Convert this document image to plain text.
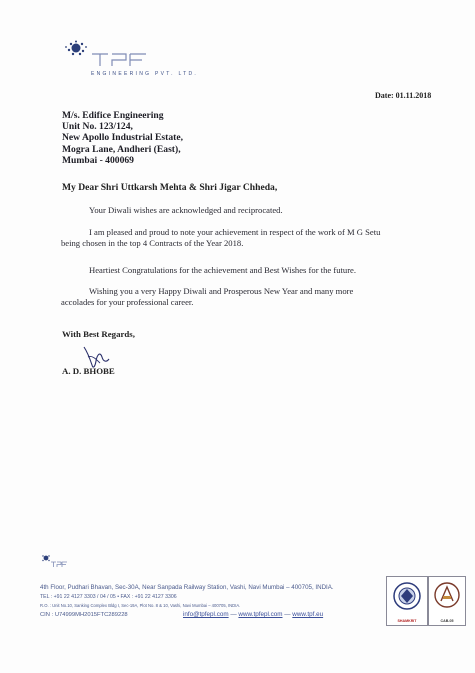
ENGINEERING PVT. LTD.
Date: 01.11.2018
M/s. Edifice Engineering
Unit No. 123/124,
New Apollo Industrial Estate,
Mogra Lane, Andheri (East),
Mumbai - 400069
My Dear Shri Uttkarsh Mehta & Shri Jigar Chheda,
Your Diwali wishes are acknowledged and reciprocated.
I am pleased and proud to note your achievement in respect of the work of M G Setu
being chosen in the top 4 Contracts of the Year 2018.
Heartiest Congratulations for the achievement and Best Wishes for the future.
Wishing you a very Happy Diwali and Prosperous New Year and many more
accolades for your professional career.
With Best Regards,
A. D. BHOBE
4th Floor, Pudhari Bhavan, Sec-30A, Near Sanpada Railway Station, Vashi, Navi Mumbai – 400705, INDIA.
TEL : +91 22 4127 3303 / 04 / 05 • FAX : +91 22 4127 3306
R.O. : Unit No.10, Sanking Complex Bldg I, Sec-19A, Plot No. 8 & 10, Vashi, Navi Mumbai – 400705, INDIA.
CIN : U74999MH2015FTC289228	info@tpfepl.com — www.tpfepl.com — www.tpf.eu
SHAMKRIT	CAB-05
